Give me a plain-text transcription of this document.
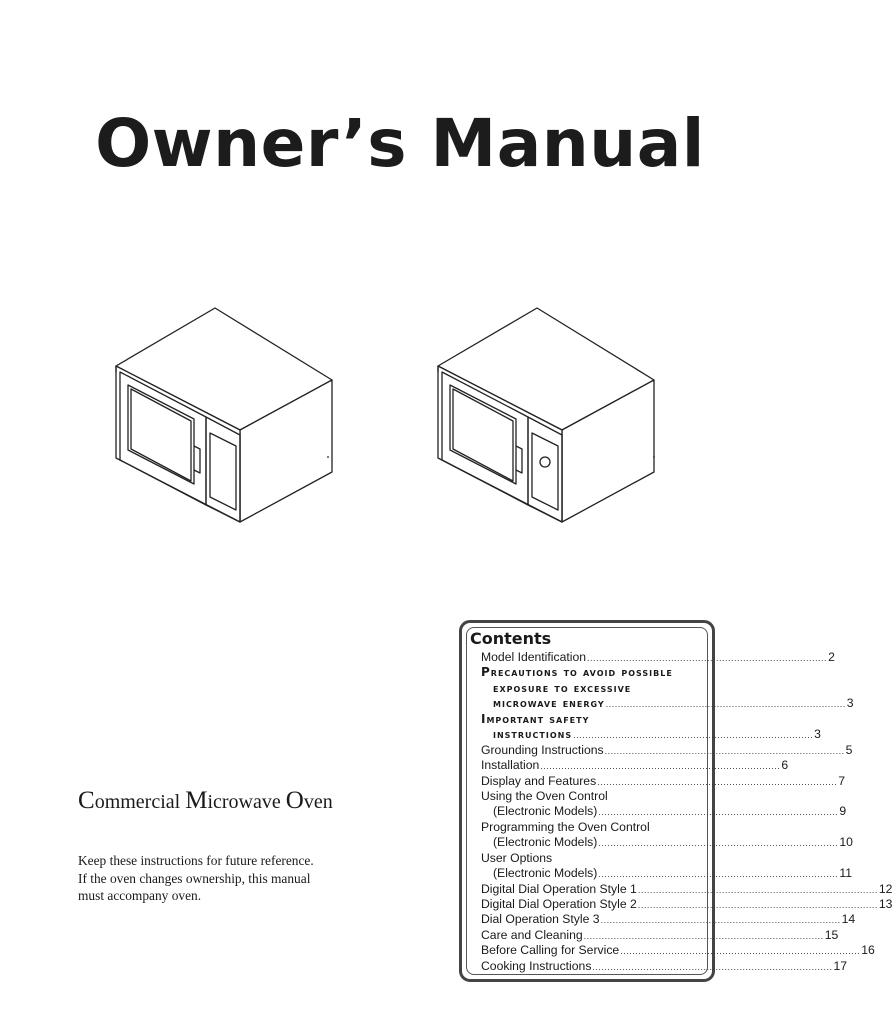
Owner’s Manual
Commercial Microwave Oven
Keep these instructions for future reference.
If the oven changes ownership, this manual
must accompany oven.
Contents
Model Identification ................................................................................ 2
Precautions to avoid possible
exposure to excessive
microwave energy ................................................................................ 3
Important safety
instructions ................................................................................ 3
Grounding Instructions ................................................................................ 5
Installation ................................................................................ 6
Display and Features ................................................................................ 7
Using the Oven Control
(Electronic Models) ................................................................................ 9
Programming the Oven Control
(Electronic Models) ................................................................................ 10
User Options
(Electronic Models) ................................................................................ 11
Digital Dial Operation Style 1 ................................................................................ 12
Digital Dial Operation Style 2 ................................................................................ 13
Dial Operation Style 3 ................................................................................ 14
Care and Cleaning ................................................................................ 15
Before Calling for Service ................................................................................ 16
Cooking Instructions ................................................................................ 17
